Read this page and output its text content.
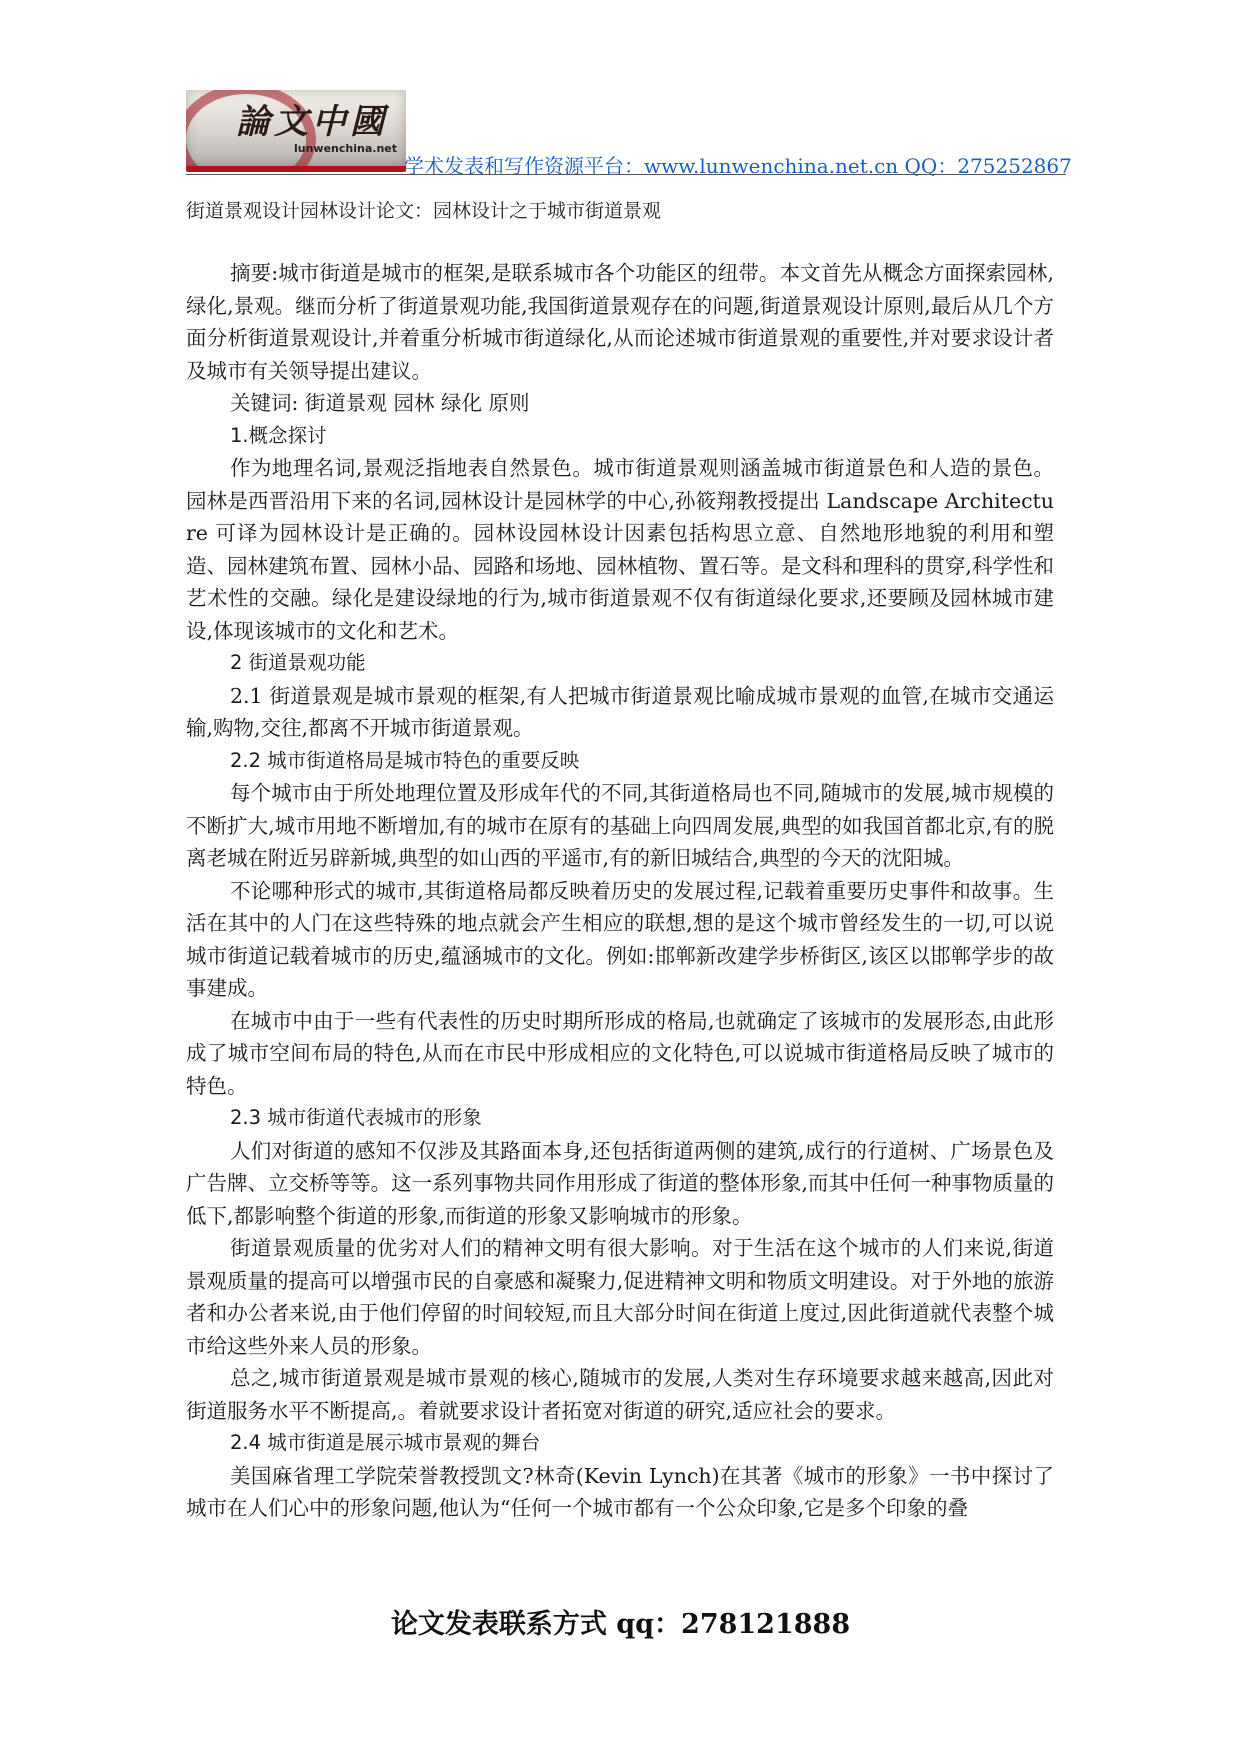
論文中國
lunwenchina.net
学术发表和写作资源平台：www.lunwenchina.net.cn QQ：275252867
街道景观设计园林设计论文：园林设计之于城市街道景观

摘要:城市街道是城市的框架,是联系城市各个功能区的纽带。本文首先从概念方面探索园林,绿化,景观。继而分析了街道景观功能,我国街道景观存在的问题,街道景观设计原则,最后从几个方面分析街道景观设计,并着重分析城市街道绿化,从而论述城市街道景观的重要性,并对要求设计者及城市有关领导提出建议。

关键词: 街道景观 园林 绿化 原则

1.概念探讨

作为地理名词,景观泛指地表自然景色。城市街道景观则涵盖城市街道景色和人造的景色。园林是西晋沿用下来的名词,园林设计是园林学的中心,孙筱翔教授提出 Landscape Architecture 可译为园林设计是正确的。园林设园林设计因素包括构思立意、自然地形地貌的利用和塑造、园林建筑布置、园林小品、园路和场地、园林植物、置石等。是文科和理科的贯穿,科学性和艺术性的交融。绿化是建设绿地的行为,城市街道景观不仅有街道绿化要求,还要顾及园林城市建设,体现该城市的文化和艺术。

2 街道景观功能

2.1 街道景观是城市景观的框架,有人把城市街道景观比喻成城市景观的血管,在城市交通运输,购物,交往,都离不开城市街道景观。

2.2 城市街道格局是城市特色的重要反映

每个城市由于所处地理位置及形成年代的不同,其街道格局也不同,随城市的发展,城市规模的不断扩大,城市用地不断增加,有的城市在原有的基础上向四周发展,典型的如我国首都北京,有的脱离老城在附近另辟新城,典型的如山西的平遥市,有的新旧城结合,典型的今天的沈阳城。

不论哪种形式的城市,其街道格局都反映着历史的发展过程,记载着重要历史事件和故事。生活在其中的人门在这些特殊的地点就会产生相应的联想,想的是这个城市曾经发生的一切,可以说城市街道记载着城市的历史,蕴涵城市的文化。例如:邯郸新改建学步桥街区,该区以邯郸学步的故事建成。

在城市中由于一些有代表性的历史时期所形成的格局,也就确定了该城市的发展形态,由此形成了城市空间布局的特色,从而在市民中形成相应的文化特色,可以说城市街道格局反映了城市的特色。

2.3 城市街道代表城市的形象

人们对街道的感知不仅涉及其路面本身,还包括街道两侧的建筑,成行的行道树、广场景色及广告牌、立交桥等等。这一系列事物共同作用形成了街道的整体形象,而其中任何一种事物质量的低下,都影响整个街道的形象,而街道的形象又影响城市的形象。

街道景观质量的优劣对人们的精神文明有很大影响。对于生活在这个城市的人们来说,街道景观质量的提高可以增强市民的自豪感和凝聚力,促进精神文明和物质文明建设。对于外地的旅游者和办公者来说,由于他们停留的时间较短,而且大部分时间在街道上度过,因此街道就代表整个城市给这些外来人员的形象。

总之,城市街道景观是城市景观的核心,随城市的发展,人类对生存环境要求越来越高,因此对街道服务水平不断提高,。着就要求设计者拓宽对街道的研究,适应社会的要求。

2.4 城市街道是展示城市景观的舞台

美国麻省理工学院荣誉教授凯文?林奇(Kevin Lynch)在其著《城市的形象》一书中探讨了城市在人们心中的形象问题,他认为“任何一个城市都有一个公众印象,它是多个印象的叠

论文发表联系方式 qq：278121888
